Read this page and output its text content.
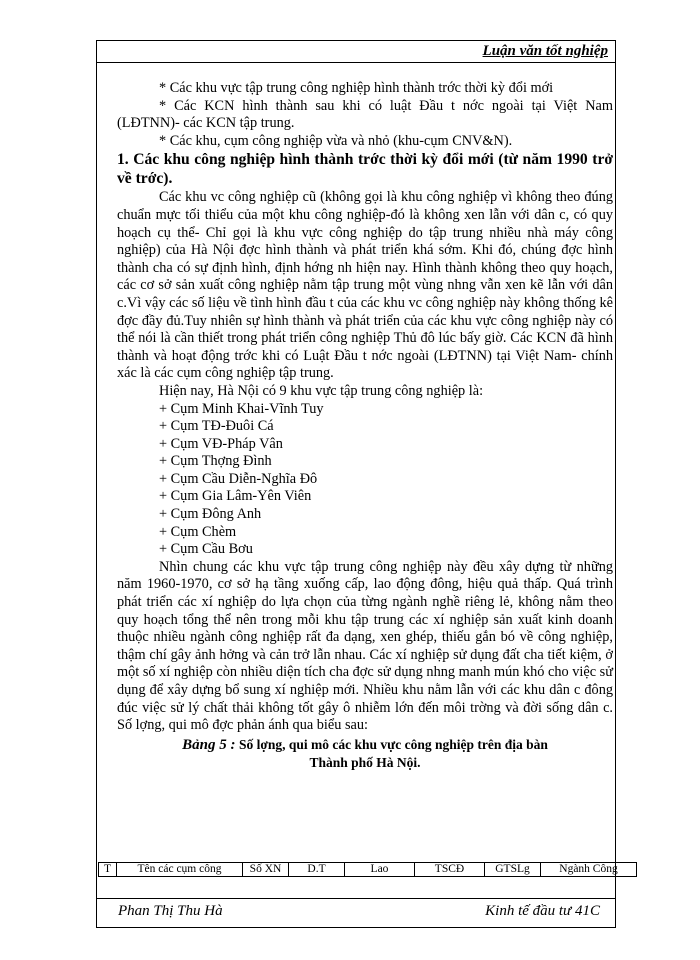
Luận văn tốt nghiệp

* Các khu vực tập trung công nghiệp hình thành trớc thời kỳ đổi mới

* Các KCN hình thành sau khi có luật Đầu t nớc ngoài tại Việt Nam (LĐTNN)- các KCN tập trung.

* Các khu, cụm công nghiệp vừa và nhỏ (khu-cụm CNV&N).

1. Các khu công nghiệp hình thành trớc thời kỳ đổi mới (từ năm 1990 trở về trớc).

Các khu vc công nghiệp cũ (không gọi là khu công nghiệp vì không theo đúng chuẩn mực tối thiểu của một khu công nghiệp-đó là không xen lẫn với dân c, có quy hoạch cụ thể- Chỉ gọi là khu vực công nghiệp do tập trung nhiều nhà máy công nghiệp) của Hà Nội đợc hình thành và phát triển khá sớm. Khi đó, chúng đợc hình thành cha có sự định hình, định hớng nh hiện nay. Hình thành không theo quy hoạch, các cơ sở sản xuất công nghiệp nằm tập trung một vùng nhng vẫn xen kẽ lẫn với dân c.Vì vậy các số liệu về tình hình đầu t của các khu vc công nghiệp này không thống kê đợc đầy đủ.Tuy nhiên sự hình thành và phát triển của các khu vực công nghiệp này có thể nói là cần thiết trong phát triển công nghiệp Thủ đô lúc bấy giờ. Các KCN đã hình thành và hoạt động trớc khi có Luật Đầu t nớc ngoài (LĐTNN) tại Việt Nam- chính xác là các cụm công nghiệp tập trung.

Hiện nay, Hà Nội có 9 khu vực tập trung công nghiệp là:

+ Cụm Minh Khai-Vĩnh Tuy
+ Cụm TĐ-Đuôi Cá
+ Cụm VĐ-Pháp Vân
+ Cụm Thợng Đình
+ Cụm Cầu Diễn-Nghĩa Đô
+ Cụm Gia Lâm-Yên Viên
+ Cụm Đông Anh
+ Cụm Chèm
+ Cụm Cầu Bơu

Nhìn chung các khu vực tập trung công nghiệp này đều xây dựng từ những năm 1960-1970, cơ sở hạ tầng xuống cấp, lao động đông, hiệu quả thấp. Quá trình phát triển các xí nghiệp do lựa chọn của từng ngành nghề riêng lẻ, không nằm theo quy hoạch tổng thể nên trong mỗi khu tập trung các xí nghiệp sản xuất kinh doanh thuộc nhiều ngành công nghiệp rất đa dạng, xen ghép, thiếu gắn bó về công nghiệp, thậm chí gây ảnh hởng và cản trở lẫn nhau. Các xí nghiệp sử dụng đất cha tiết kiệm, ở một số xí nghiệp còn nhiều diện tích cha đợc sử dụng nhng manh mún khó cho việc sử dụng để xây dựng bổ sung xí nghiệp mới. Nhiều khu nằm lẫn với các khu dân c đông đúc việc sử lý chất thải không tốt gây ô nhiễm lớn đến môi trờng và đời sống dân c. Số lợng, qui mô đợc phản ánh qua biểu sau:

Bảng 5 : Số lợng, qui mô các khu vực công nghiệp trên địa bàn

Thành phố Hà Nội.
T	Tên các cụm công	Số XN	D.T	Lao	TSCĐ	GTSLg	Ngành Công
Phan Thị Thu Hà	Kinh tế đầu tư 41C
